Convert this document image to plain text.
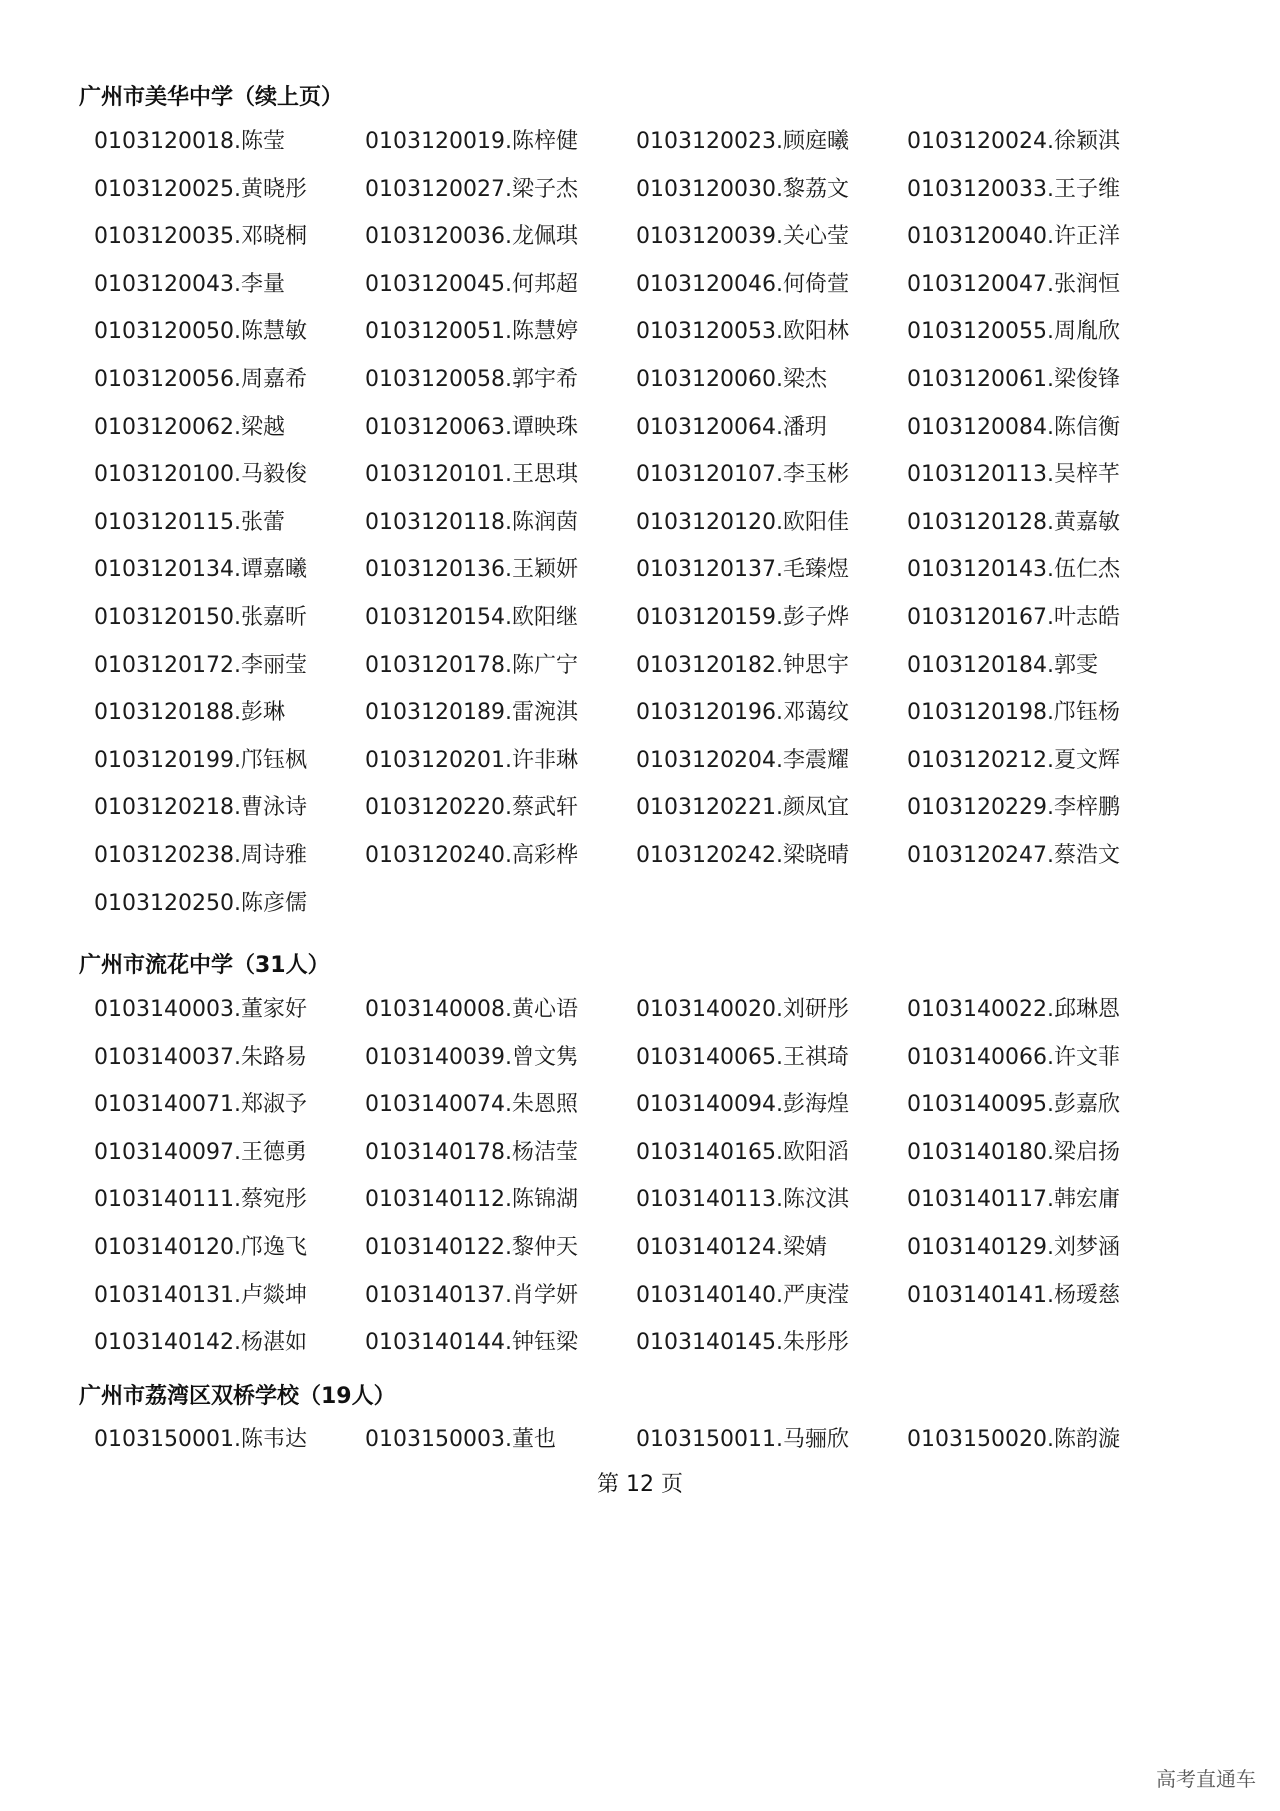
广州市美华中学（续上页）
0103120018.陈莹	0103120019.陈梓健	0103120023.顾庭曦	0103120024.徐颖淇
0103120025.黄晓彤	0103120027.梁子杰	0103120030.黎荔文	0103120033.王子维
0103120035.邓晓桐	0103120036.龙佩琪	0103120039.关心莹	0103120040.许正洋
0103120043.李量	0103120045.何邦超	0103120046.何倚萱	0103120047.张润恒
0103120050.陈慧敏	0103120051.陈慧婷	0103120053.欧阳林	0103120055.周胤欣
0103120056.周嘉希	0103120058.郭宇希	0103120060.梁杰	0103120061.梁俊锋
0103120062.梁越	0103120063.谭映珠	0103120064.潘玥	0103120084.陈信衡
0103120100.马毅俊	0103120101.王思琪	0103120107.李玉彬	0103120113.吴梓芊
0103120115.张蕾	0103120118.陈润茵	0103120120.欧阳佳	0103120128.黄嘉敏
0103120134.谭嘉曦	0103120136.王颖妍	0103120137.毛臻煜	0103120143.伍仁杰
0103120150.张嘉昕	0103120154.欧阳继	0103120159.彭子烨	0103120167.叶志皓
0103120172.李丽莹	0103120178.陈广宁	0103120182.钟思宇	0103120184.郭雯
0103120188.彭琳	0103120189.雷涴淇	0103120196.邓蔼纹	0103120198.邝钰杨
0103120199.邝钰枫	0103120201.许非琳	0103120204.李震耀	0103120212.夏文辉
0103120218.曹泳诗	0103120220.蔡武轩	0103120221.颜凤宜	0103120229.李梓鹏
0103120238.周诗雅	0103120240.高彩桦	0103120242.梁晓晴	0103120247.蔡浩文
0103120250.陈彦儒
广州市流花中学（31人）
0103140003.董家好	0103140008.黄心语	0103140020.刘研彤	0103140022.邱琳恩
0103140037.朱路易	0103140039.曾文隽	0103140065.王祺琦	0103140066.许文菲
0103140071.郑淑予	0103140074.朱恩照	0103140094.彭海煌	0103140095.彭嘉欣
0103140097.王德勇	0103140178.杨洁莹	0103140165.欧阳滔	0103140180.梁启扬
0103140111.蔡宛彤	0103140112.陈锦湖	0103140113.陈汶淇	0103140117.韩宏庸
0103140120.邝逸飞	0103140122.黎仲天	0103140124.梁婧	0103140129.刘梦涵
0103140131.卢燚坤	0103140137.肖学妍	0103140140.严庚滢	0103140141.杨瑷慈
0103140142.杨湛如	0103140144.钟钰梁	0103140145.朱彤彤
广州市荔湾区双桥学校（19人）
0103150001.陈韦达	0103150003.董也	0103150011.马骊欣	0103150020.陈韵漩
第 12 页
高考直通车
